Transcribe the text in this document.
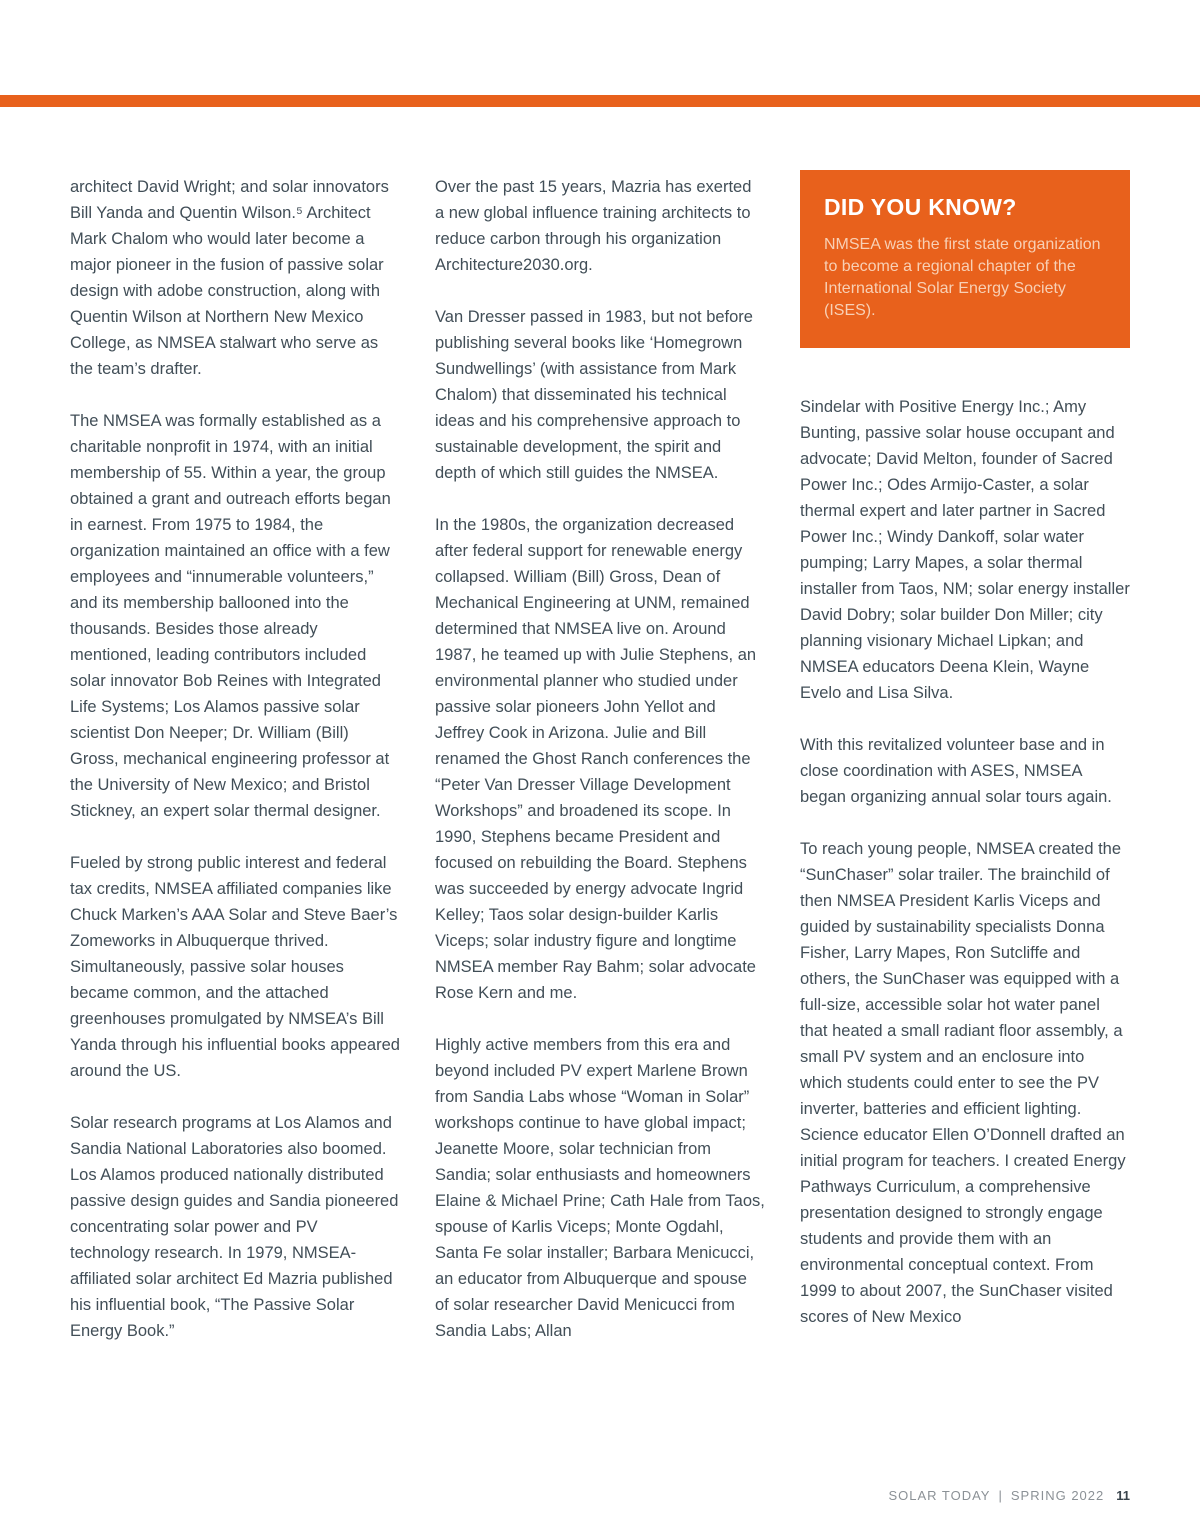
architect David Wright; and solar innovators Bill Yanda and Quentin Wilson.⁵ Architect Mark Chalom who would later become a major pioneer in the fusion of passive solar design with adobe construction, along with Quentin Wilson at Northern New Mexico College, as NMSEA stalwart who serve as the team’s drafter.

The NMSEA was formally established as a charitable nonprofit in 1974, with an initial membership of 55. Within a year, the group obtained a grant and outreach efforts began in earnest. From 1975 to 1984, the organization maintained an office with a few employees and “innumerable volunteers,” and its membership ballooned into the thousands. Besides those already mentioned, leading contributors included solar innovator Bob Reines with Integrated Life Systems; Los Alamos passive solar scientist Don Neeper; Dr. William (Bill) Gross, mechanical engineering professor at the University of New Mexico; and Bristol Stickney, an expert solar thermal designer.

Fueled by strong public interest and federal tax credits, NMSEA affiliated companies like Chuck Marken’s AAA Solar and Steve Baer’s Zomeworks in Albuquerque thrived. Simultaneously, passive solar houses became common, and the attached greenhouses promulgated by NMSEA’s Bill Yanda through his influential books appeared around the US.

Solar research programs at Los Alamos and Sandia National Laboratories also boomed. Los Alamos produced nationally distributed passive design guides and Sandia pioneered concentrating solar power and PV technology research. In 1979, NMSEA-affiliated solar architect Ed Mazria published his influential book, “The Passive Solar Energy Book.”

Over the past 15 years, Mazria has exerted a new global influence training architects to reduce carbon through his organization Architecture2030.org.

Van Dresser passed in 1983, but not before publishing several books like ‘Homegrown Sundwellings’ (with assistance from Mark Chalom) that disseminated his technical ideas and his comprehensive approach to sustainable development, the spirit and depth of which still guides the NMSEA.

In the 1980s, the organization decreased after federal support for renewable energy collapsed. William (Bill) Gross, Dean of Mechanical Engineering at UNM, remained determined that NMSEA live on. Around 1987, he teamed up with Julie Stephens, an environmental planner who studied under passive solar pioneers John Yellot and Jeffrey Cook in Arizona. Julie and Bill renamed the Ghost Ranch conferences the “Peter Van Dresser Village Development Workshops” and broadened its scope. In 1990, Stephens became President and focused on rebuilding the Board. Stephens was succeeded by energy advocate Ingrid Kelley; Taos solar design-builder Karlis Viceps; solar industry figure and longtime NMSEA member Ray Bahm; solar advocate Rose Kern and me.

Highly active members from this era and beyond included PV expert Marlene Brown from Sandia Labs whose “Woman in Solar” workshops continue to have global impact; Jeanette Moore, solar technician from Sandia; solar enthusiasts and homeowners Elaine & Michael Prine; Cath Hale from Taos, spouse of Karlis Viceps; Monte Ogdahl, Santa Fe solar installer; Barbara Menicucci, an educator from Albuquerque and spouse of solar researcher David Menicucci from Sandia Labs; Allan

DID YOU KNOW?

NMSEA was the first state organization to become a regional chapter of the International Solar Energy Society (ISES).

Sindelar with Positive Energy Inc.; Amy Bunting, passive solar house occupant and advocate; David Melton, founder of Sacred Power Inc.; Odes Armijo-Caster, a solar thermal expert and later partner in Sacred Power Inc.; Windy Dankoff, solar water pumping; Larry Mapes, a solar thermal installer from Taos, NM; solar energy installer David Dobry; solar builder Don Miller; city planning visionary Michael Lipkan; and NMSEA educators Deena Klein, Wayne Evelo and Lisa Silva.

With this revitalized volunteer base and in close coordination with ASES, NMSEA began organizing annual solar tours again.

To reach young people, NMSEA created the “SunChaser” solar trailer. The brainchild of then NMSEA President Karlis Viceps and guided by sustainability specialists Donna Fisher, Larry Mapes, Ron Sutcliffe and others, the SunChaser was equipped with a full-size, accessible solar hot water panel that heated a small radiant floor assembly, a small PV system and an enclosure into which students could enter to see the PV inverter, batteries and efficient lighting. Science educator Ellen O’Donnell drafted an initial program for teachers. I created Energy Pathways Curriculum, a comprehensive presentation designed to strongly engage students and provide them with an environmental conceptual context. From 1999 to about 2007, the SunChaser visited scores of New Mexico

SOLAR TODAY | SPRING 2022 11
